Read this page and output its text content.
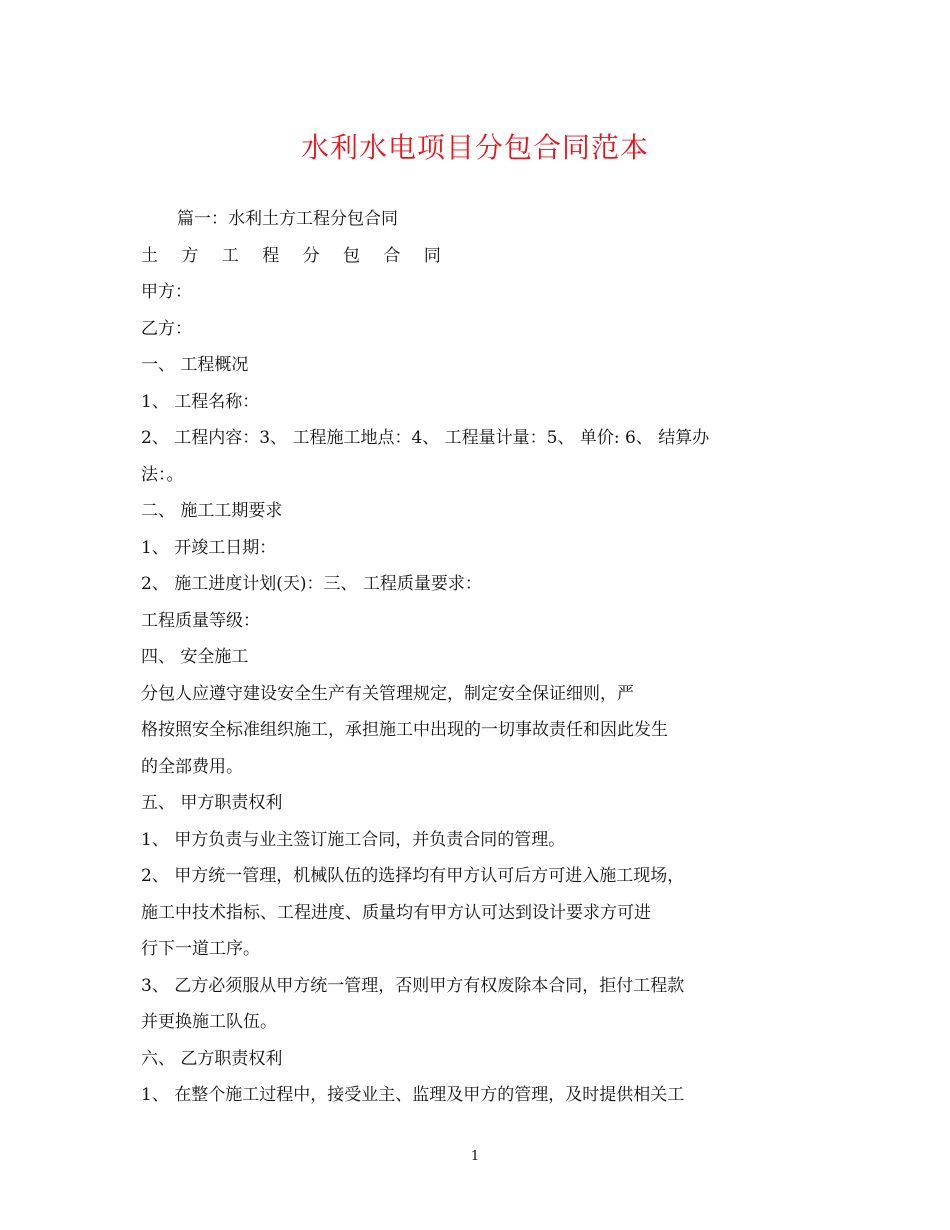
水利水电项目分包合同范本

篇一：水利土方工程分包合同

土 方 工 程 分 包 合 同

甲方：

乙方：

一、 工程概况

1、 工程名称：

2、 工程内容：3、 工程施工地点：4、 工程量计量：5、 单价: 6、 结算办

法：。

二、 施工工期要求

1、 开竣工日期：

2、 施工进度计划(天)：三、 工程质量要求：

工程质量等级：

四、 安全施工

分包人应遵守建设安全生产有关管理规定，制定安全保证细则，严

格按照安全标准组织施工，承担施工中出现的一切事故责任和因此发生

的全部费用。

五、 甲方职责权利

1、 甲方负责与业主签订施工合同，并负责合同的管理。

2、 甲方统一管理，机械队伍的选择均有甲方认可后方可进入施工现场，

施工中技术指标、工程进度、质量均有甲方认可达到设计要求方可进

行下一道工序。

3、 乙方必须服从甲方统一管理，否则甲方有权废除本合同，拒付工程款

并更换施工队伍。

六、 乙方职责权利

1、 在整个施工过程中，接受业主、监理及甲方的管理，及时提供相关工

1
